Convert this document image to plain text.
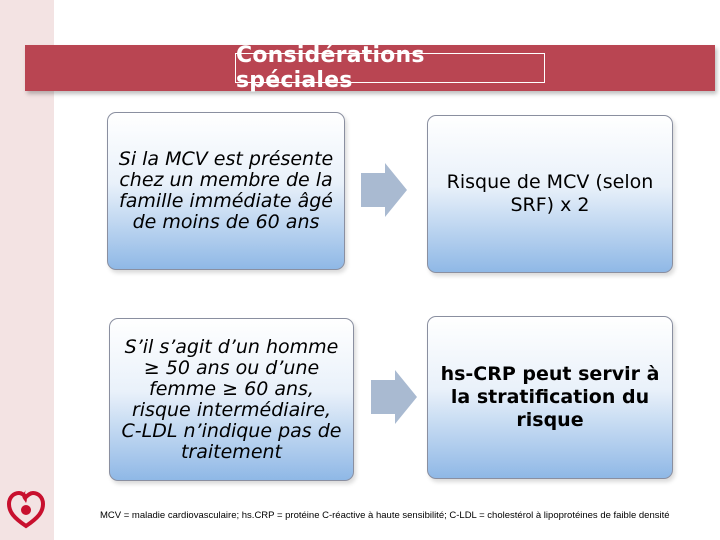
Considérations spéciales
Si la MCV est présente chez un membre de la famille immédiate âgé de moins de 60 ans
Risque de MCV (selon SRF) x 2
S’il s’agit d’un homme ≥ 50 ans ou d’une femme ≥ 60 ans, risque intermédiaire, C-LDL n’indique pas de traitement
hs-CRP peut servir à la stratification du risque
MCV = maladie cardiovasculaire; hs.CRP = protéine C-réactive à haute sensibilité; C-LDL = cholestérol à lipoprotéines de faible densité
